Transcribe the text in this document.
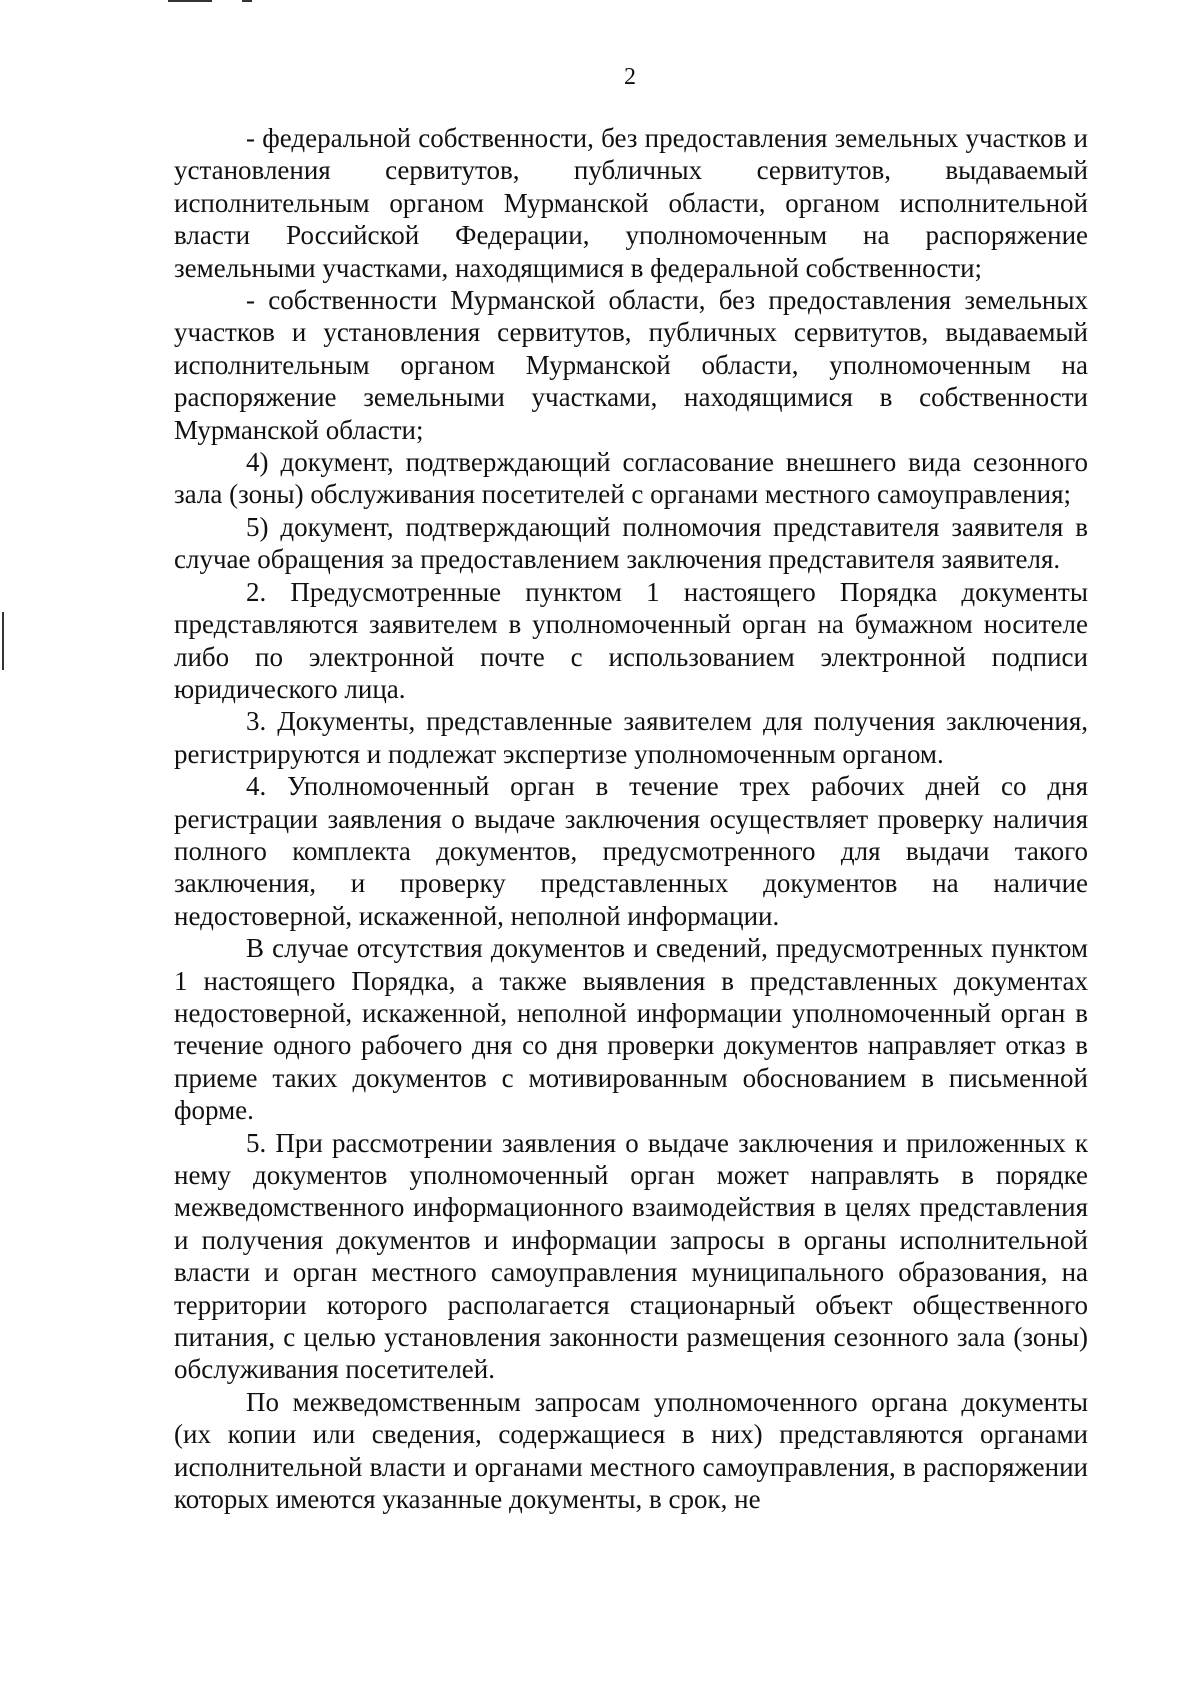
2

- федеральной собственности, без предоставления земельных участков и установления сервитутов, публичных сервитутов, выдаваемый исполнительным органом Мурманской области, органом исполнительной власти Российской Федерации, уполномоченным на распоряжение земельными участками, находящимися в федеральной собственности;

- собственности Мурманской области, без предоставления земельных участков и установления сервитутов, публичных сервитутов, выдаваемый исполнительным органом Мурманской области, уполномоченным на распоряжение земельными участками, находящимися в собственности Мурманской области;

4) документ, подтверждающий согласование внешнего вида сезонного зала (зоны) обслуживания посетителей с органами местного самоуправления;

5) документ, подтверждающий полномочия представителя заявителя в случае обращения за предоставлением заключения представителя заявителя.

2. Предусмотренные пунктом 1 настоящего Порядка документы представляются заявителем в уполномоченный орган на бумажном носителе либо по электронной почте с использованием электронной подписи юридического лица.

3. Документы, представленные заявителем для получения заключения, регистрируются и подлежат экспертизе уполномоченным органом.

4. Уполномоченный орган в течение трех рабочих дней со дня регистрации заявления о выдаче заключения осуществляет проверку наличия полного комплекта документов, предусмотренного для выдачи такого заключения, и проверку представленных документов на наличие недостоверной, искаженной, неполной информации.

В случае отсутствия документов и сведений, предусмотренных пунктом 1 настоящего Порядка, а также выявления в представленных документах недостоверной, искаженной, неполной информации уполномоченный орган в течение одного рабочего дня со дня проверки документов направляет отказ в приеме таких документов с мотивированным обоснованием в письменной форме.

5. При рассмотрении заявления о выдаче заключения и приложенных к нему документов уполномоченный орган может направлять в порядке межведомственного информационного взаимодействия в целях представления и получения документов и информации запросы в органы исполнительной власти и орган местного самоуправления муниципального образования, на территории которого располагается стационарный объект общественного питания, с целью установления законности размещения сезонного зала (зоны) обслуживания посетителей.

По межведомственным запросам уполномоченного органа документы (их копии или сведения, содержащиеся в них) представляются органами исполнительной власти и органами местного самоуправления, в распоряжении которых имеются указанные документы, в срок, не
